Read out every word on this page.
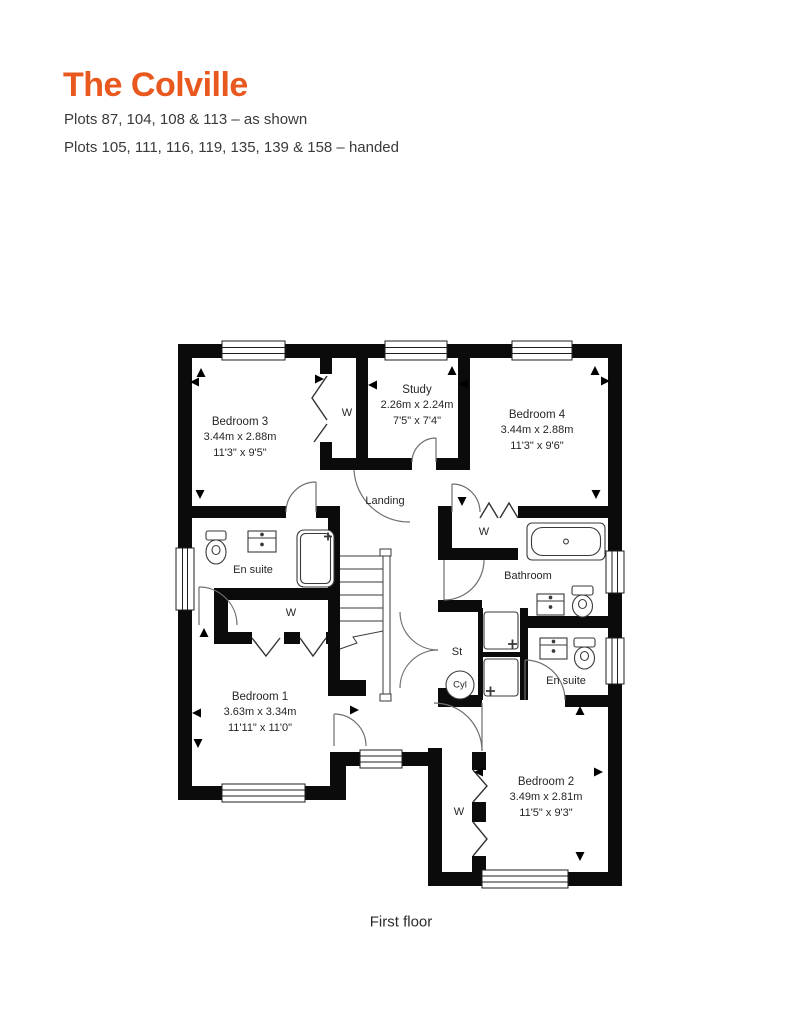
The Colville
Plots 87, 104, 108 & 113 – as shown
Plots 105, 111, 116, 119, 135, 139 & 158 – handed
Bedroom 3
3.44m x 2.88m
11'3" x 9'5"
W
Study
2.26m x 2.24m
7'5" x 7'4"	Bedroom 4
3.44m x 2.88m
11'3" x 9'6"
Landing
W
En suite	Bathroom
W
St
Cyl	En suite
Bedroom 1
3.63m x 3.34m
11'11" x 11'0"
W
Bedroom 2
3.49m x 2.81m
11'5" x 9'3"
First floor
